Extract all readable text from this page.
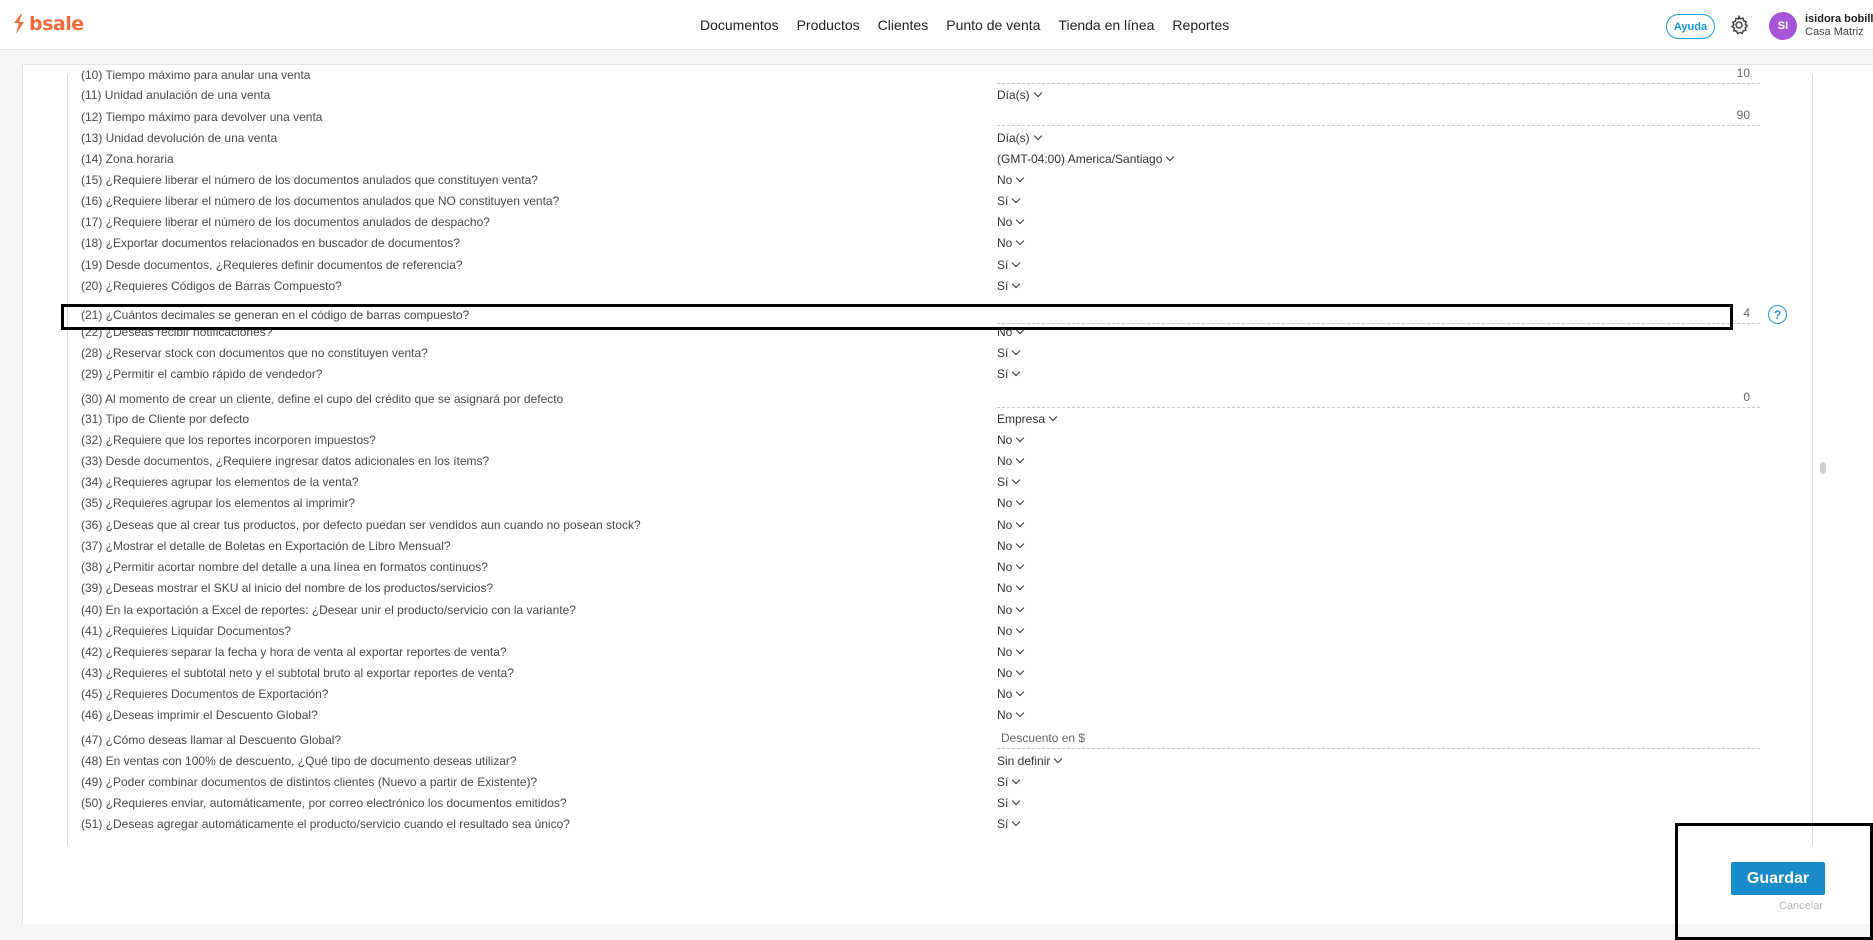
bsale	Documentos Productos Clientes Punto de venta Tienda en línea Reportes	Ayuda	SI
isidora bobill
Casa Matriz
(10) Tiempo máximo para anular una venta	10
(11) Unidad anulación de una venta	Día(s)
(12) Tiempo máximo para devolver una venta	90
(13) Unidad devolución de una venta	Día(s)
(14) Zona horaria	(GMT-04:00) America/Santiago
(15) ¿Requiere liberar el número de los documentos anulados que constituyen venta?	No
(16) ¿Requiere liberar el número de los documentos anulados que NO constituyen venta?	Sí
(17) ¿Requiere liberar el número de los documentos anulados de despacho?	No
(18) ¿Exportar documentos relacionados en buscador de documentos?	No
(19) Desde documentos, ¿Requieres definir documentos de referencia?	Sí
(20) ¿Requieres Códigos de Barras Compuesto?	Sí
(21) ¿Cuántos decimales se generan en el código de barras compuesto?	4	?
(22) ¿Deseas recibir notificaciones?	No
(28) ¿Reservar stock con documentos que no constituyen venta?	Sí
(29) ¿Permitir el cambio rápido de vendedor?	Sí
(30) Al momento de crear un cliente, define el cupo del crédito que se asignará por defecto	0
(31) Tipo de Cliente por defecto	Empresa
(32) ¿Requiere que los reportes incorporen impuestos?	No
(33) Desde documentos, ¿Requiere ingresar datos adicionales en los ítems?	No
(34) ¿Requieres agrupar los elementos de la venta?	Sí
(35) ¿Requieres agrupar los elementos al imprimir?	No
(36) ¿Deseas que al crear tus productos, por defecto puedan ser vendidos aun cuando no posean stock?	No
(37) ¿Mostrar el detalle de Boletas en Exportación de Libro Mensual?	No
(38) ¿Permitir acortar nombre del detalle a una línea en formatos continuos?	No
(39) ¿Deseas mostrar el SKU al inicio del nombre de los productos/servicios?	No
(40) En la exportación a Excel de reportes: ¿Desear unir el producto/servicio con la variante?	No
(41) ¿Requieres Liquidar Documentos?	No
(42) ¿Requieres separar la fecha y hora de venta al exportar reportes de venta?	No
(43) ¿Requieres el subtotal neto y el subtotal bruto al exportar reportes de venta?	No
(45) ¿Requieres Documentos de Exportación?	No
(46) ¿Deseas imprimir el Descuento Global?	No
(47) ¿Cómo deseas llamar al Descuento Global?	Descuento en $
(48) En ventas con 100% de descuento, ¿Qué tipo de documento deseas utilizar?	Sin definir
(49) ¿Poder combinar documentos de distintos clientes (Nuevo a partir de Existente)?	Sí
(50) ¿Requieres enviar, automáticamente, por correo electrónico los documentos emitidos?	Sí
(51) ¿Deseas agregar automáticamente el producto/servicio cuando el resultado sea único?	Sí
Guardar
Cancelar
